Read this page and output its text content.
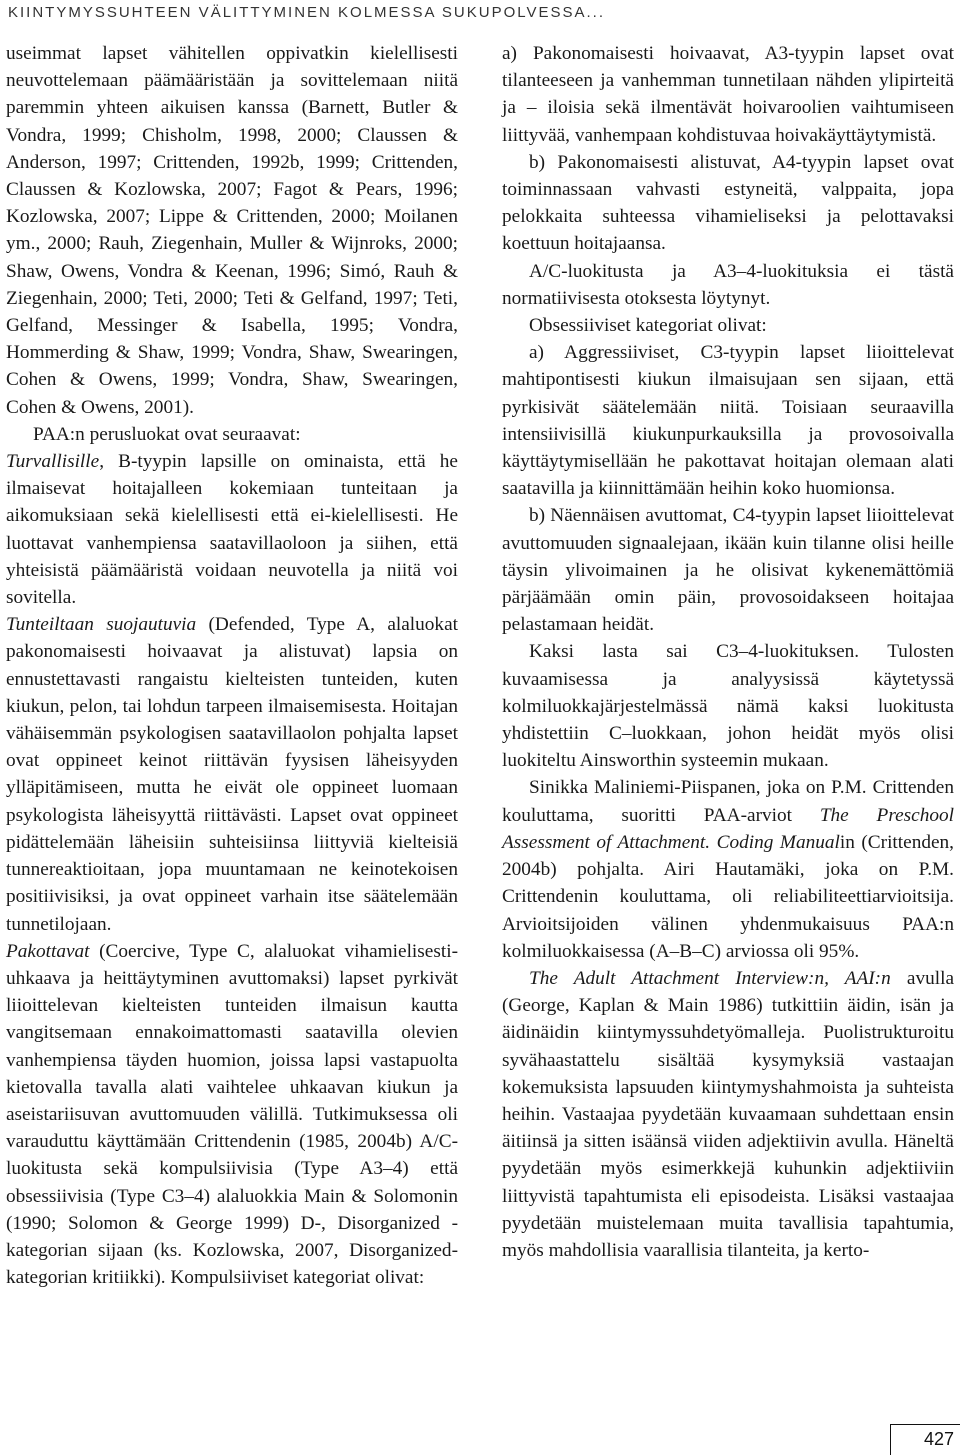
KIINTYMYSSUHTEEN VÄLITTYMINEN KOLMESSA SUKUPOLVESSA...

useimmat lapset vähitellen oppivatkin kielellisesti neuvottelemaan päämääristään ja sovittelemaan niitä paremmin yhteen aikuisen kanssa (Barnett, Butler & Vondra, 1999; Chisholm, 1998, 2000; Claussen & Anderson, 1997; Crittenden, 1992b, 1999; Crittenden, Claussen & Kozlowska, 2007; Fagot & Pears, 1996; Kozlowska, 2007; Lippe & Crittenden, 2000; Moilanen ym., 2000; Rauh, Ziegenhain, Muller & Wijnroks, 2000; Shaw, Owens, Vondra & Keenan, 1996; Simó, Rauh & Ziegenhain, 2000; Teti, 2000; Teti & Gelfand, 1997; Teti, Gelfand, Messinger & Isabella, 1995; Vondra, Hommerding & Shaw, 1999; Vondra, Shaw, Swearingen, Cohen & Owens, 1999; Vondra, Shaw, Swearingen, Cohen & Owens, 2001).

PAA:n perusluokat ovat seuraavat:

Turvallisille, B-tyypin lapsille on ominaista, että he ilmaisevat hoitajalleen kokemiaan tunteitaan ja aikomuksiaan sekä kielellisesti että ei-kielellisesti. He luottavat vanhempiensa saatavillaoloon ja siihen, että yhteisistä päämääristä voidaan neuvotella ja niitä voi sovitella.

Tunteiltaan suojautuvia (Defended, Type A, alaluokat pakonomaisesti hoivaavat ja alistuvat) lapsia on ennustettavasti rangaistu kielteisten tunteiden, kuten kiukun, pelon, tai lohdun tarpeen ilmaisemisesta. Hoitajan vähäisemmän psykologisen saatavillaolon pohjalta lapset ovat oppineet keinot riittävän fyysisen läheisyyden ylläpitämiseen, mutta he eivät ole oppineet luomaan psykologista läheisyyttä riittävästi. Lapset ovat oppineet pidättelemään läheisiin suhteisiinsa liittyviä kielteisiä tunnereaktioitaan, jopa muuntamaan ne keinotekoisen positiivisiksi, ja ovat oppineet varhain itse säätelemään tunnetilojaan.

Pakottavat (Coercive, Type C, alaluokat vihamielisesti-uhkaava ja heittäytyminen avuttomaksi) lapset pyrkivät liioittelevan kielteisten tunteiden ilmaisun kautta vangitsemaan ennakoimattomasti saatavilla olevien vanhempiensa täyden huomion, joissa lapsi vastapuolta kietovalla tavalla alati vaihtelee uhkaavan kiukun ja aseistariisuvan avuttomuuden välillä. Tutkimuksessa oli varauduttu käyttämään Crittendenin (1985, 2004b) A/C-luokitusta sekä kompulsiivisia (Type A3–4) että obsessiivisia (Type C3–4) alaluokkia Main & Solomonin (1990; Solomon & George 1999) D-, Disorganized -kategorian sijaan (ks. Kozlowska, 2007, Disorganized-kategorian kritiikki). Kompulsiiviset kategoriat olivat:

a) Pakonomaisesti hoivaavat, A3-tyypin lapset ovat tilanteeseen ja vanhemman tunnetilaan nähden ylipirteitä ja – iloisia sekä ilmentävät hoivaroolien vaihtumiseen liittyvää, vanhempaan kohdistuvaa hoivakäyttäytymistä.

b) Pakonomaisesti alistuvat, A4-tyypin lapset ovat toiminnassaan vahvasti estyneitä, valppaita, jopa pelokkaita suhteessa vihamieliseksi ja pelottavaksi koettuun hoitajaansa.

A/C-luokitusta ja A3–4-luokituksia ei tästä normatiivisesta otoksesta löytynyt.

Obsessiiviset kategoriat olivat:

a) Aggressiiviset, C3-tyypin lapset liioittelevat mahtipontisesti kiukun ilmaisujaan sen sijaan, että pyrkisivät säätelemään niitä. Toisiaan seuraavilla intensiivisillä kiukunpurkauksilla ja provosoivalla käyttäytymisellään he pakottavat hoitajan olemaan alati saatavilla ja kiinnittämään heihin koko huomionsa.

b) Näennäisen avuttomat, C4-tyypin lapset liioittelevat avuttomuuden signaalejaan, ikään kuin tilanne olisi heille täysin ylivoimainen ja he olisivat kykenemättömiä pärjäämään omin päin, provosoidakseen hoitajaa pelastamaan heidät.

Kaksi lasta sai C3–4-luokituksen. Tulosten kuvaamisessa ja analyysissä käytetyssä kolmiluokkajärjestelmässä nämä kaksi luokitusta yhdistettiin C–luokkaan, johon heidät myös olisi luokiteltu Ainsworthin systeemin mukaan.

Sinikka Maliniemi-Piispanen, joka on P.M. Crittenden kouluttama, suoritti PAA-arviot The Preschool Assessment of Attachment. Coding Manualin (Crittenden, 2004b) pohjalta. Airi Hautamäki, joka on P.M. Crittendenin kouluttama, oli reliabiliteettiarvioitsija. Arvioitsijoiden välinen yhdenmukaisuus PAA:n kolmiluokkaisessa (A–B–C) arviossa oli 95%.

The Adult Attachment Interview:n, AAI:n avulla (George, Kaplan & Main 1986) tutkittiin äidin, isän ja äidinäidin kiintymyssuhdetyömalleja. Puolistrukturoitu syvähaastattelu sisältää kysymyksiä vastaajan kokemuksista lapsuuden kiintymyshahmoista ja suhteista heihin. Vastaajaa pyydetään kuvaamaan suhdettaan ensin äitiinsä ja sitten isäänsä viiden adjektiivin avulla. Häneltä pyydetään myös esimerkkejä kuhunkin adjektiiviin liittyvistä tapahtumista eli episodeista. Lisäksi vastaajaa pyydetään muistelemaan muita tavallisia tapahtumia, myös mahdollisia vaarallisia tilanteita, ja kerto-

427
